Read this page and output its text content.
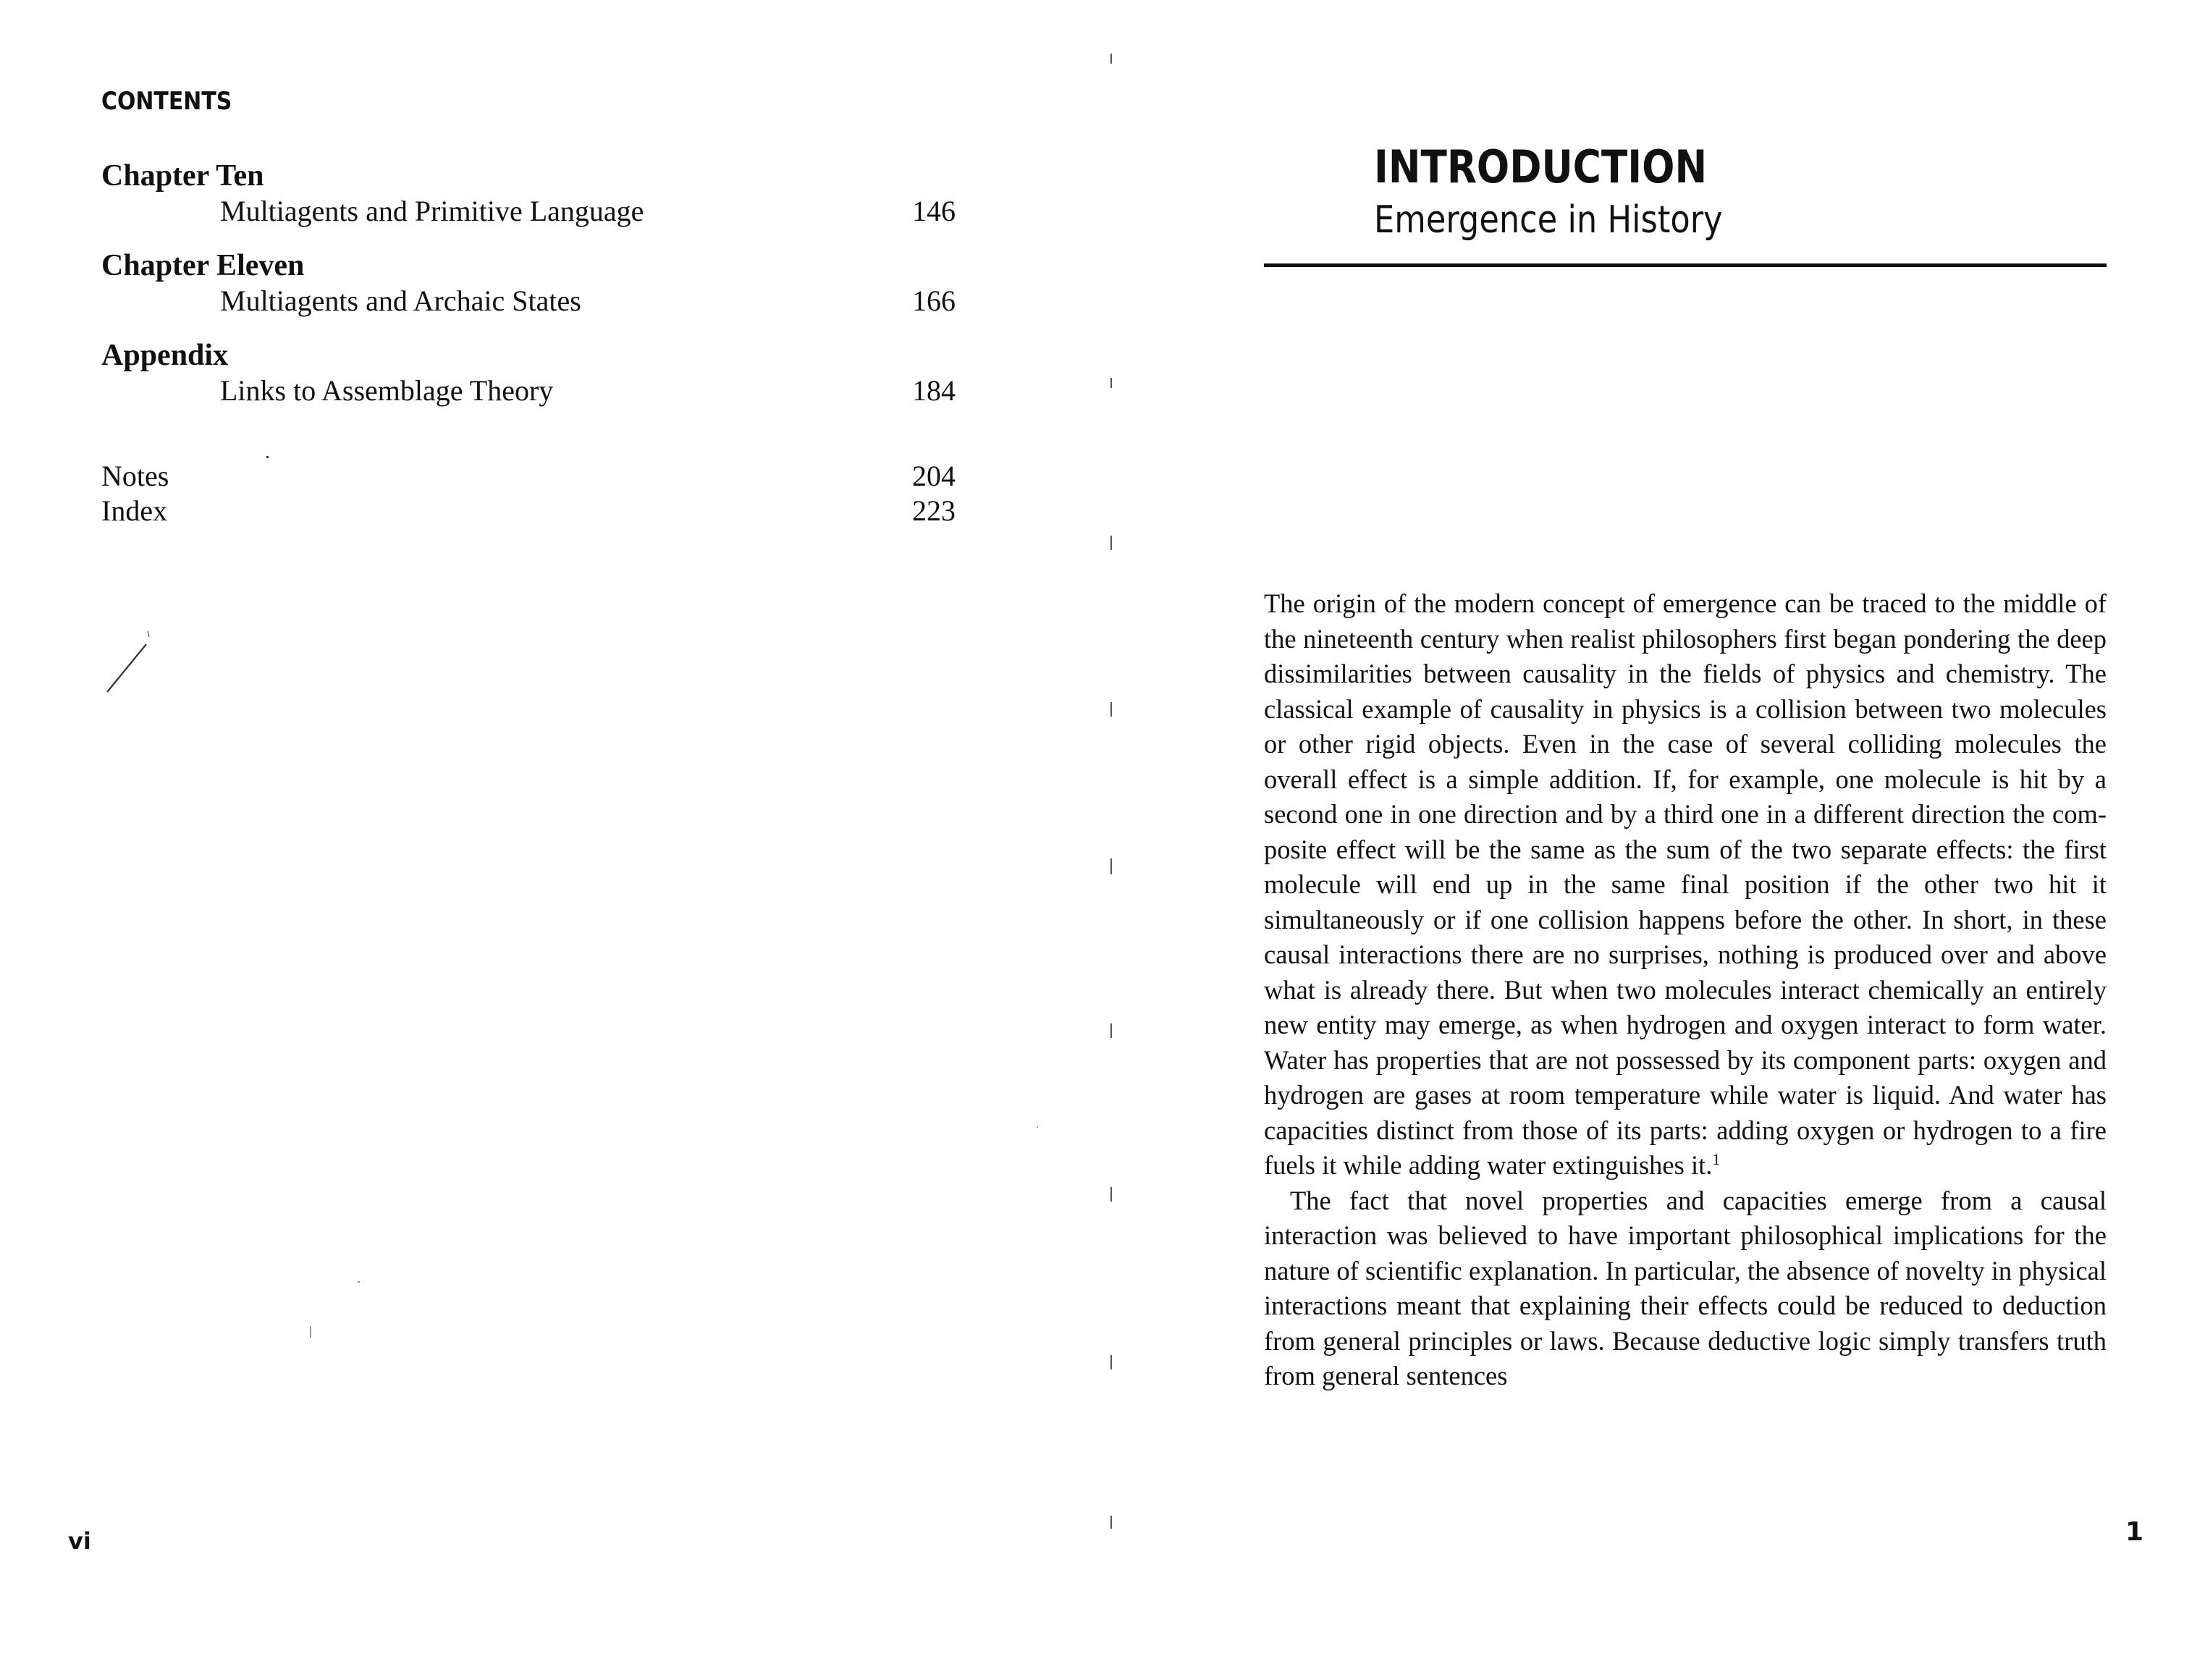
CONTENTS
Chapter Ten
Multiagents and Primitive Language	146
Chapter Eleven
Multiagents and Archaic States	166
Appendix
Links to Assemblage Theory	184
Notes	204
Index	223
vi
INTRODUCTION
Emergence in History

The origin of the modern concept of emergence can be traced to the middle of the nineteenth century when realist philosophers first began pondering the deep dissimilarities between causality in the fields of physics and chemistry. The classical example of causality in physics is a collision between two molecules or other rigid objects. Even in the case of several colliding molecules the overall effect is a simple addition. If, for example, one molecule is hit by a second one in one direction and by a third one in a different direction the composite effect will be the same as the sum of the two separate effects: the first molecule will end up in the same final position if the other two hit it simultaneously or if one collision happens before the other. In short, in these causal interactions there are no surprises, nothing is produced over and above what is already there. But when two molecules interact chemically an entirely new entity may emerge, as when hydrogen and oxygen interact to form water. Water has properties that are not possessed by its component parts: oxygen and hydrogen are gases at room temperature while water is liquid. And water has capacities distinct from those of its parts: adding oxygen or hydrogen to a fire fuels it while adding water extinguishes it.$^1$

The fact that novel properties and capacities emerge from a causal interaction was believed to have important philosophical implications for the nature of scientific explanation. In particular, the absence of novelty in physical interactions meant that explaining their effects could be reduced to deduction from general principles or laws. Because deductive logic simply transfers truth from general sentences

1
